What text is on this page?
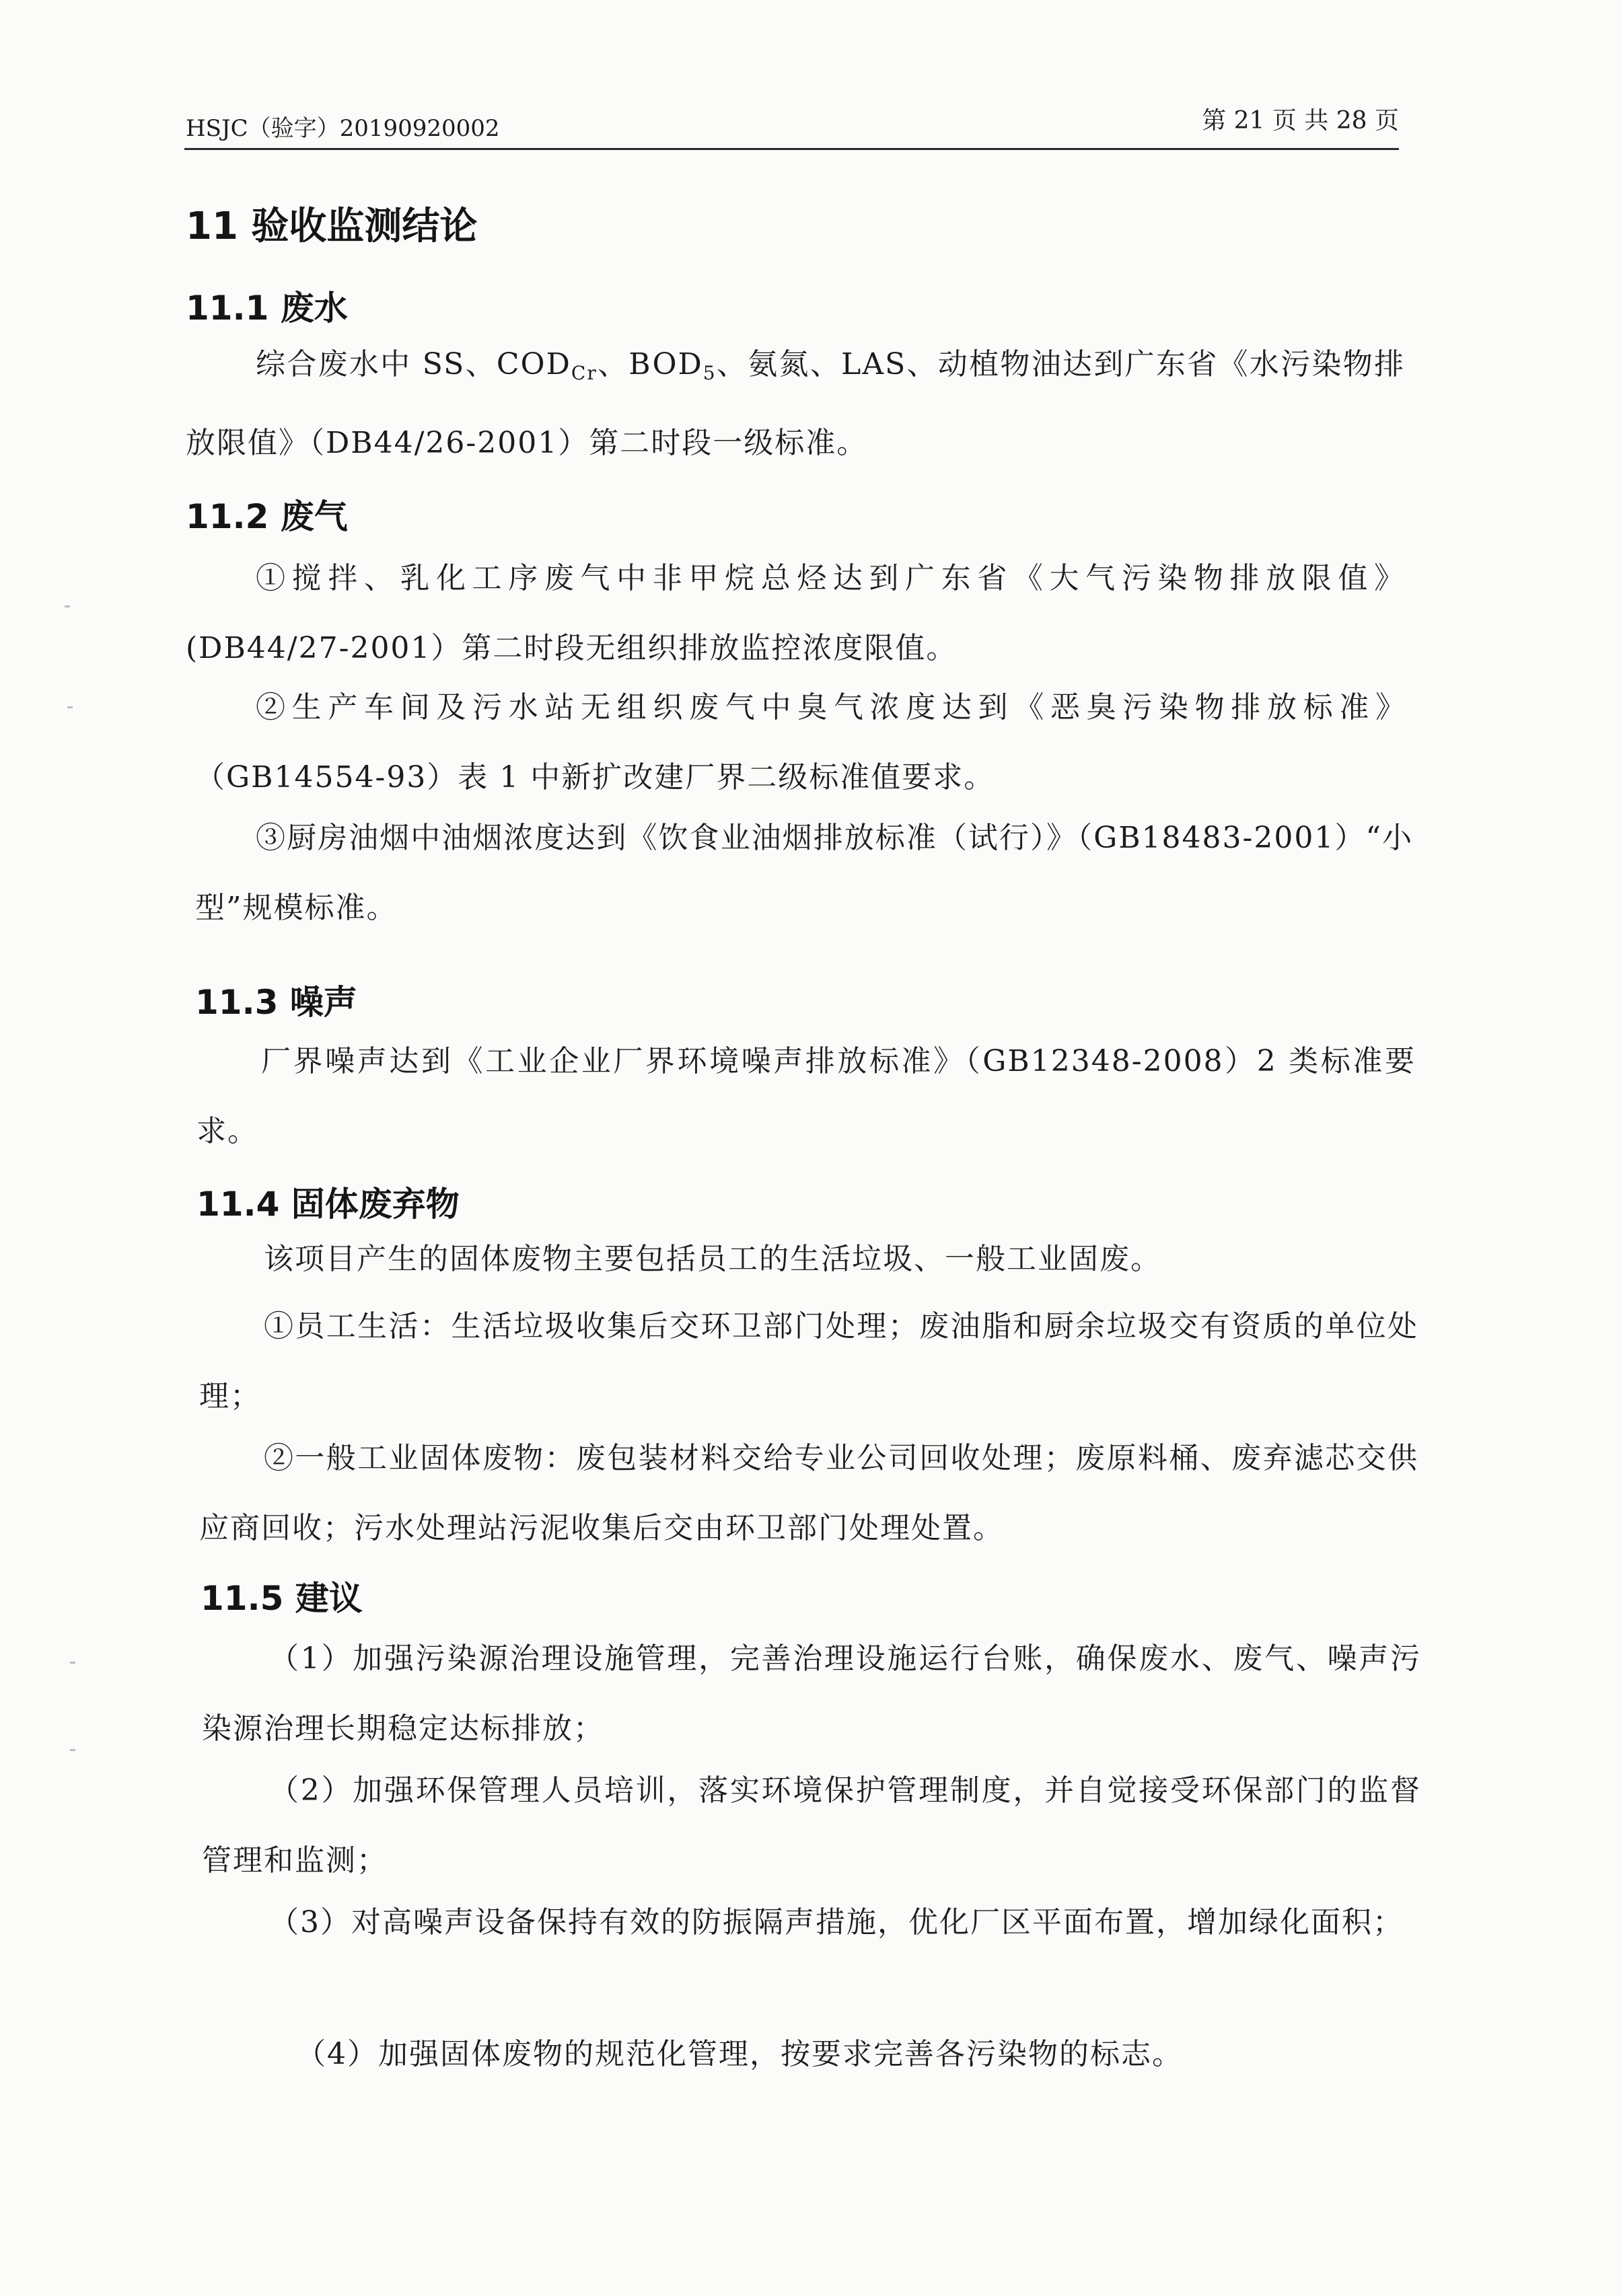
HSJC（验字）20190920002	第 21 页 共 28 页
11 验收监测结论
11.1 废水

综合废水中 SS、$COD_{Cr}$、$BOD_5$、氨氮、LAS、动植物油达到广东省《水污染物排放限值》（DB44/26-2001）第二时段一级标准。

11.2 废气

①搅拌、乳化工序废气中非甲烷总烃达到广东省《大气污染物排放限值》(DB44/27-2001）第二时段无组织排放监控浓度限值。

②生产车间及污水站无组织废气中臭气浓度达到《恶臭污染物排放标准》（GB14554-93）表 1 中新扩改建厂界二级标准值要求。

③厨房油烟中油烟浓度达到《饮食业油烟排放标准（试行）》（GB18483-2001）“小型”规模标准。

11.3 噪声

厂界噪声达到《工业企业厂界环境噪声排放标准》（GB12348-2008）2 类标准要求。

11.4 固体废弃物

该项目产生的固体废物主要包括员工的生活垃圾、一般工业固废。

①员工生活：生活垃圾收集后交环卫部门处理；废油脂和厨余垃圾交有资质的单位处理；

②一般工业固体废物：废包装材料交给专业公司回收处理；废原料桶、废弃滤芯交供应商回收；污水处理站污泥收集后交由环卫部门处理处置。

11.5 建议

（1）加强污染源治理设施管理，完善治理设施运行台账，确保废水、废气、噪声污染源治理长期稳定达标排放；

（2）加强环保管理人员培训，落实环境保护管理制度，并自觉接受环保部门的监督管理和监测；

（3）对高噪声设备保持有效的防振隔声措施，优化厂区平面布置，增加绿化面积；

（4）加强固体废物的规范化管理，按要求完善各污染物的标志。
